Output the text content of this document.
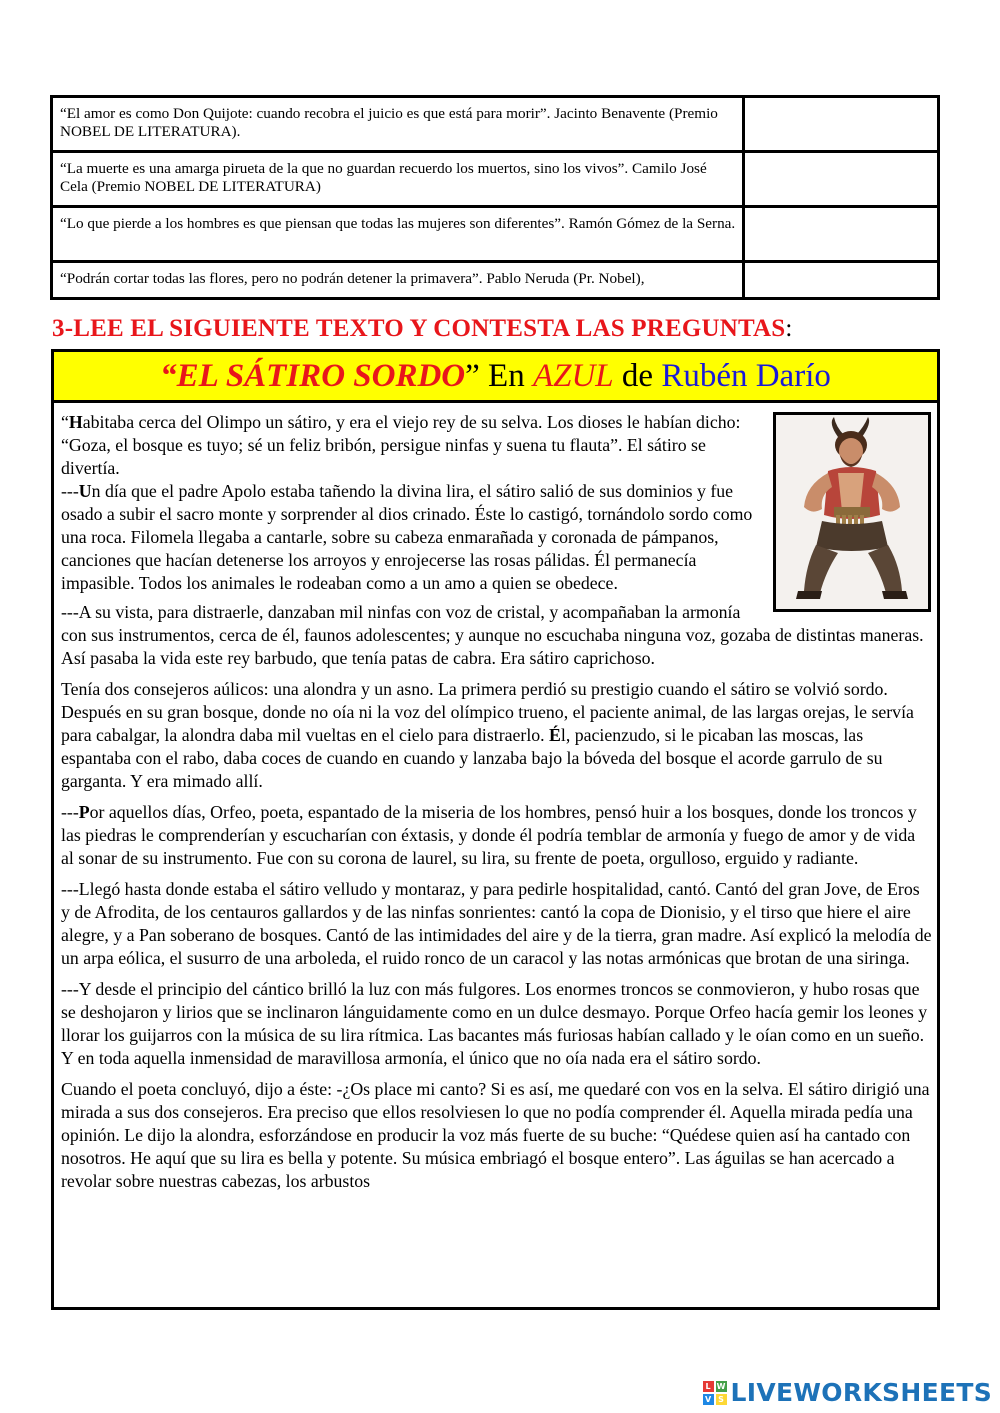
“El amor es como Don Quijote: cuando recobra el juicio es que está para morir”. Jacinto Benavente (Premio NOBEL DE LITERATURA).
“La muerte es una amarga pirueta de la que no guardan recuerdo los muertos, sino los vivos”. Camilo José Cela (Premio NOBEL DE LITERATURA)
“Lo que pierde a los hombres es que piensan que todas las mujeres son diferentes”. Ramón Gómez de la Serna.
“Podrán cortar todas las flores, pero no podrán detener la primavera”. Pablo Neruda (Pr. Nobel),
3-LEE EL SIGUIENTE TEXTO Y CONTESTA LAS PREGUNTAS:
“EL SÁTIRO SORDO” En AZUL de Rubén Darío

“Habitaba cerca del Olimpo un sátiro, y era el viejo rey de su selva. Los dioses le habían dicho: “Goza, el bosque es tuyo; sé un feliz bribón, persigue ninfas y suena tu flauta”. El sátiro se divertía.
---Un día que el padre Apolo estaba tañendo la divina lira, el sátiro salió de sus dominios y fue osado a subir el sacro monte y sorprender al dios crinado. Éste lo castigó, tornándolo sordo como una roca. Filomela llegaba a cantarle, sobre su cabeza enmarañada y coronada de pámpanos, canciones que hacían detenerse los arroyos y enrojecerse las rosas pálidas. Él permanecía impasible. Todos los animales le rodeaban como a un amo a quien se obedece.

---A su vista, para distraerle, danzaban mil ninfas con voz de cristal, y acompañaban la armonía con sus instrumentos, cerca de él, faunos adolescentes; y aunque no escuchaba ninguna voz, gozaba de distintas maneras. Así pasaba la vida este rey barbudo, que tenía patas de cabra. Era sátiro caprichoso.

Tenía dos consejeros aúlicos: una alondra y un asno. La primera perdió su prestigio cuando el sátiro se volvió sordo. Después en su gran bosque, donde no oía ni la voz del olímpico trueno, el paciente animal, de las largas orejas, le servía para cabalgar, la alondra daba mil vueltas en el cielo para distraerlo. Él, pacienzudo, si le picaban las moscas, las espantaba con el rabo, daba coces de cuando en cuando y lanzaba bajo la bóveda del bosque el acorde garrulo de su garganta. Y era mimado allí.

---Por aquellos días, Orfeo, poeta, espantado de la miseria de los hombres, pensó huir a los bosques, donde los troncos y las piedras le comprenderían y escucharían con éxtasis, y donde él podría temblar de armonía y fuego de amor y de vida al sonar de su instrumento. Fue con su corona de laurel, su lira, su frente de poeta, orgulloso, erguido y radiante.

---Llegó hasta donde estaba el sátiro velludo y montaraz, y para pedirle hospitalidad, cantó. Cantó del gran Jove, de Eros y de Afrodita, de los centauros gallardos y de las ninfas sonrientes: cantó la copa de Dionisio, y el tirso que hiere el aire alegre, y a Pan soberano de bosques. Cantó de las intimidades del aire y de la tierra, gran madre. Así explicó la melodía de un arpa eólica, el susurro de una arboleda, el ruido ronco de un caracol y las notas armónicas que brotan de una siringa.

---Y desde el principio del cántico brilló la luz con más fulgores. Los enormes troncos se conmovieron, y hubo rosas que se deshojaron y lirios que se inclinaron lánguidamente como en un dulce desmayo. Porque Orfeo hacía gemir los leones y llorar los guijarros con la música de su lira rítmica. Las bacantes más furiosas habían callado y le oían como en un sueño. Y en toda aquella inmensidad de maravillosa armonía, el único que no oía nada era el sátiro sordo.

Cuando el poeta concluyó, dijo a éste: -¿Os place mi canto? Si es así, me quedaré con vos en la selva. El sátiro dirigió una mirada a sus dos consejeros. Era preciso que ellos resolviesen lo que no podía comprender él. Aquella mirada pedía una opinión. Le dijo la alondra, esforzándose en producir la voz más fuerte de su buche: “Quédese quien así ha cantado con nosotros. He aquí que su lira es bella y potente. Su música embriagó el bosque entero”. Las águilas se han acercado a revolar sobre nuestras cabezas, los arbustos

L W
V S LIVEWORKSHEETS
